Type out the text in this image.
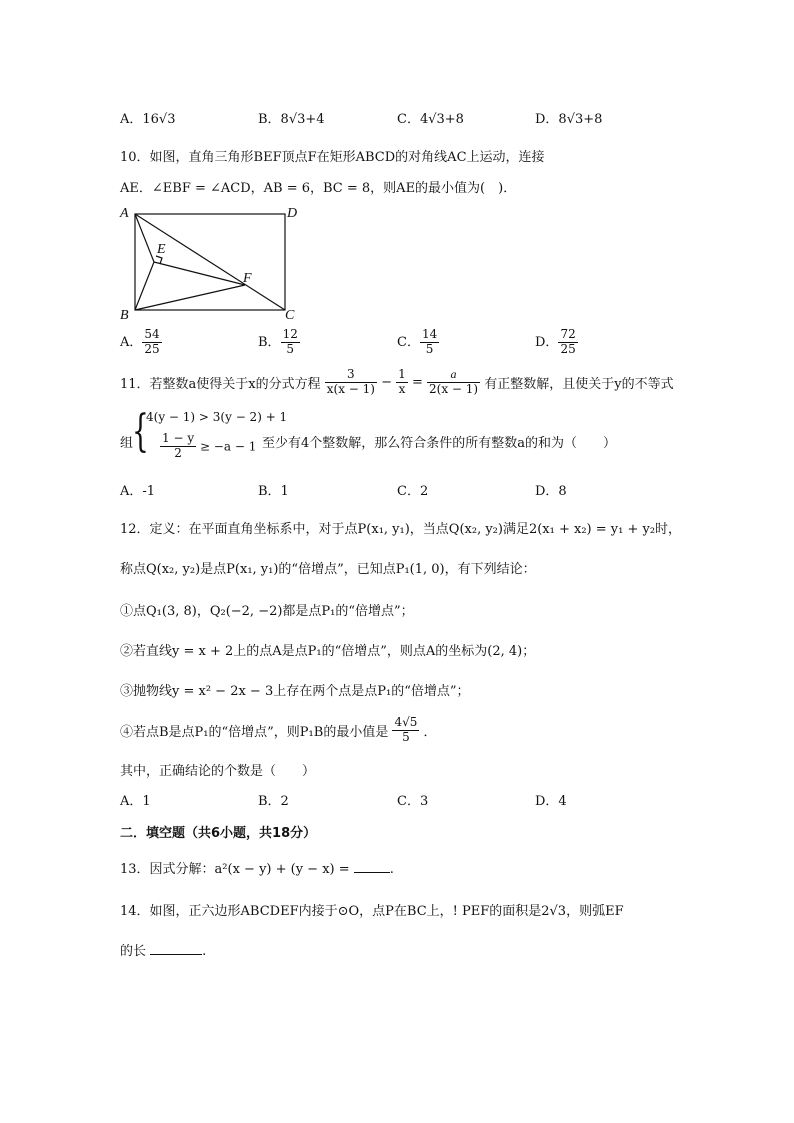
A．16√3	B．8√3+4	C．4√3+8	D．8√3+8
10．如图，直角三角形BEF顶点F在矩形ABCD的对角线AC上运动，连接
AE．∠EBF = ∠ACD，AB = 6，BC = 8，则AE的最小值为(　)．
A	D
B	C
E
F
A． $\frac{54}{25}$	B． $\frac{12}{5}$	C． $\frac{14}{5}$	D． $\frac{72}{25}$
11．若整数a使得关于x的分式方程 $\frac{3}{x(x - 1)} - \frac{1}{x} = \frac{a}{2(x - 1)}$ 有正整数解，且使关于y的不等式
组
{
4(y − 1) > 3(y − 2) + 1
$\frac{1 - y}{2} \ge -a - 1$ 至少有4个整数解，那么符合条件的所有整数a的和为（　　）
A．-1	B．1	C．2	D．8
12．定义：在平面直角坐标系中，对于点P(x₁, y₁)，当点Q(x₂, y₂)满足2(x₁ + x₂) = y₁ + y₂时，
称点Q(x₂, y₂)是点P(x₁, y₁)的“倍增点”，已知点P₁(1, 0)，有下列结论：
①点Q₁(3, 8)，Q₂(−2, −2)都是点P₁的“倍增点”；
②若直线y = x + 2上的点A是点P₁的“倍增点”，则点A的坐标为(2, 4)；
③抛物线y = x² − 2x − 3上存在两个点是点P₁的“倍增点”；
④若点B是点P₁的“倍增点”，则P₁B的最小值是 $\frac{4√5}{5}$ ．
其中，正确结论的个数是（　　）
A．1	B．2	C．3	D．4
二．填空题（共6小题，共18分）
13．因式分解：a²(x − y) + (y − x) =	.
14．如图，正六边形ABCDEF内接于⊙O，点P在BC上，! PEF的面积是2√3，则弧EF
的长	.
